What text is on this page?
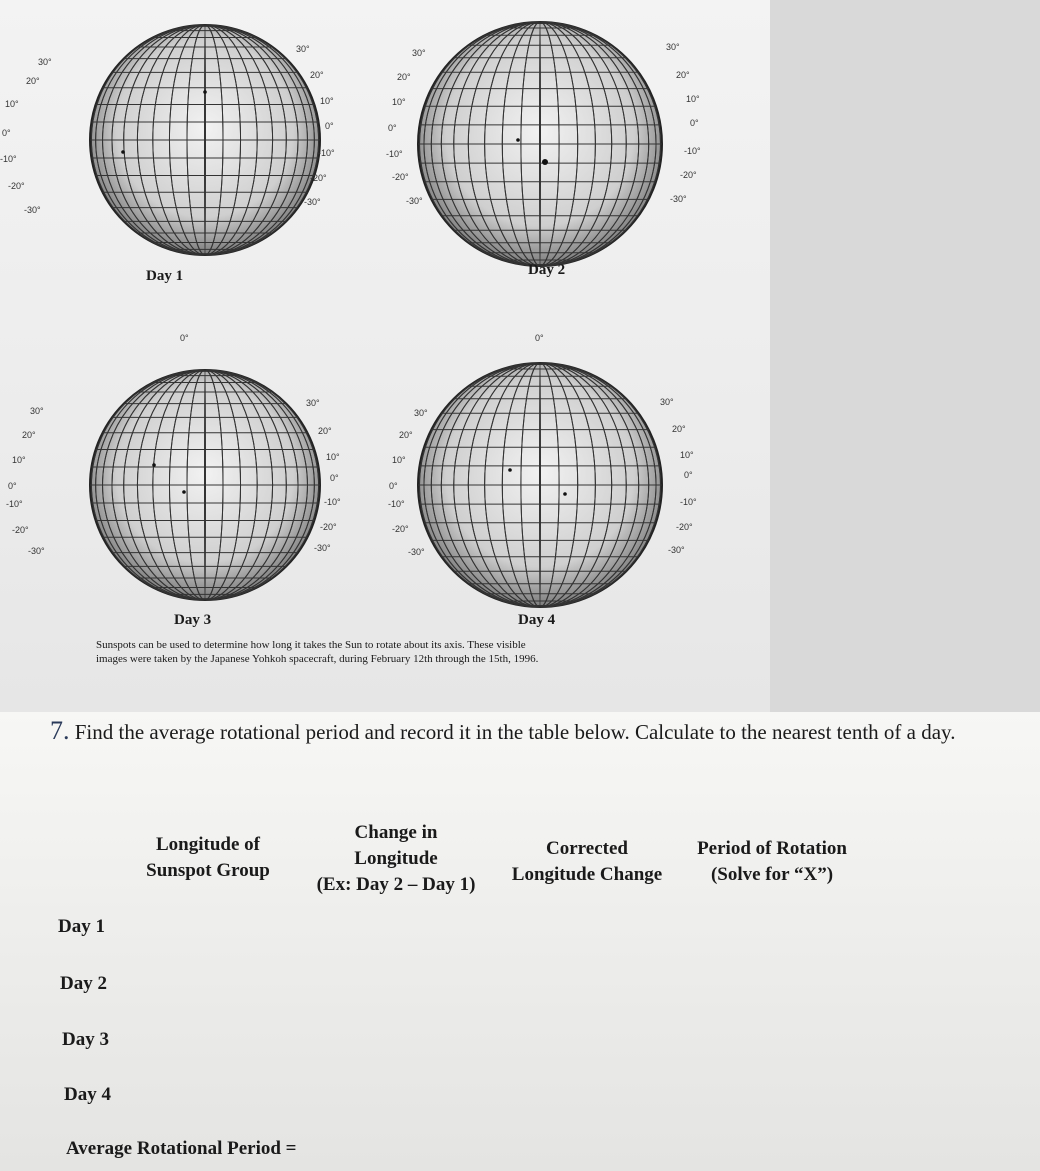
30°
20°
10°
0°
-10°
-20°
-30°
30°
20°
10°
0°
-10°
-20°
-30°
30°
20°
10°
0°
-10°
-20°
-30°
30°
20°
10°
0°
-10°
-20°
-30°
30°
20°
10°
0°
-10°
-20°
-30°
30°
20°
10°
0°
-10°
-20°
-30°
30°
20°
10°
0°
-10°
-20°
-30°
30°
20°
10°
0°
-10°
-20°
-30°
Day 1	Day 2
Day 3	Day 4
0°	0°
Sunspots can be used to determine how long it takes the Sun to rotate about its axis. These visible
images were taken by the Japanese Yohkoh spacecraft, during February 12th through the 15th, 1996.
7. Find the average rotational period and record it in the table below. Calculate to the nearest tenth of a day.
Longitude of
Sunspot Group
Change in
Longitude
(Ex: Day 2 – Day 1)
Corrected
Longitude Change
Period of Rotation
(Solve for “X”)
Day 1
Day 2
Day 3
Day 4
Average Rotational Period =
